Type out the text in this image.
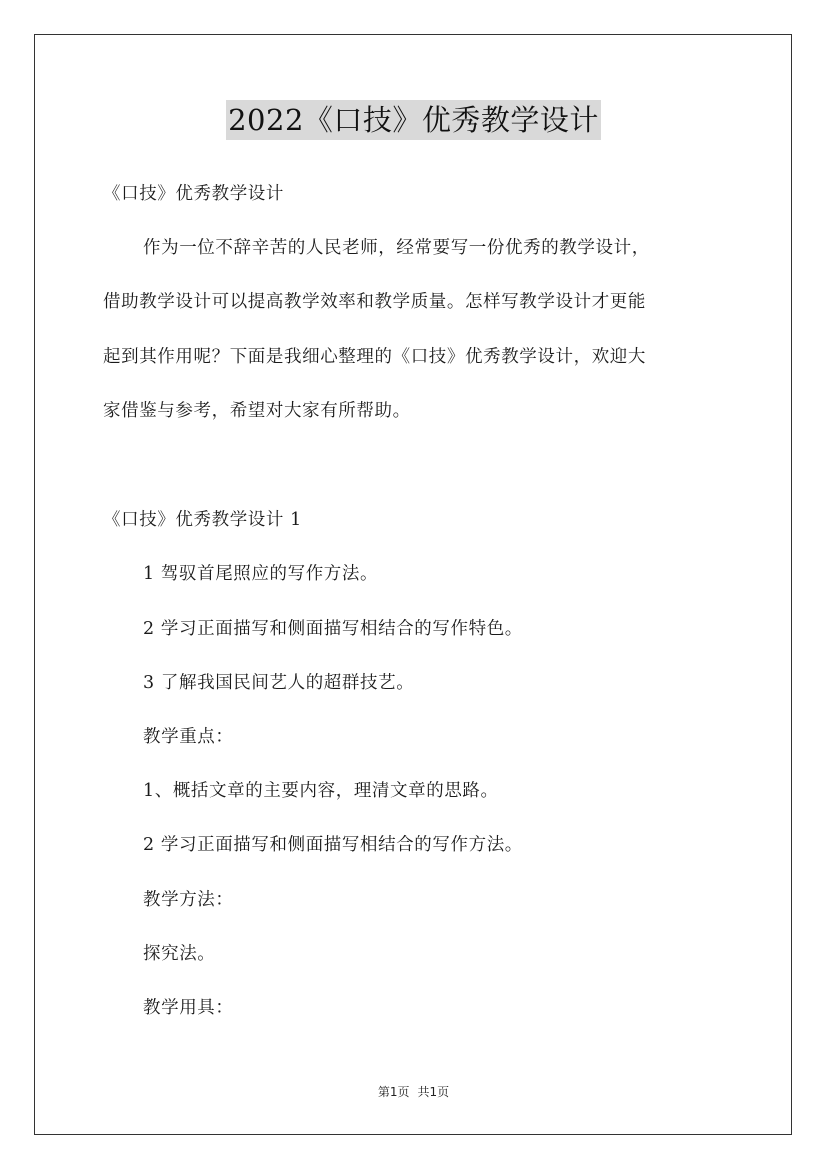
2022《口技》优秀教学设计
《口技》优秀教学设计
作为一位不辞辛苦的人民老师，经常要写一份优秀的教学设计，
借助教学设计可以提高教学效率和教学质量。怎样写教学设计才更能
起到其作用呢？下面是我细心整理的《口技》优秀教学设计，欢迎大
家借鉴与参考，希望对大家有所帮助。
《口技》优秀教学设计 1
1 驾驭首尾照应的写作方法。
2 学习正面描写和侧面描写相结合的写作特色。
3 了解我国民间艺人的超群技艺。
教学重点：
1、概括文章的主要内容，理清文章的思路。
2 学习正面描写和侧面描写相结合的写作方法。
教学方法：
探究法。
教学用具：
第1页 共1页
